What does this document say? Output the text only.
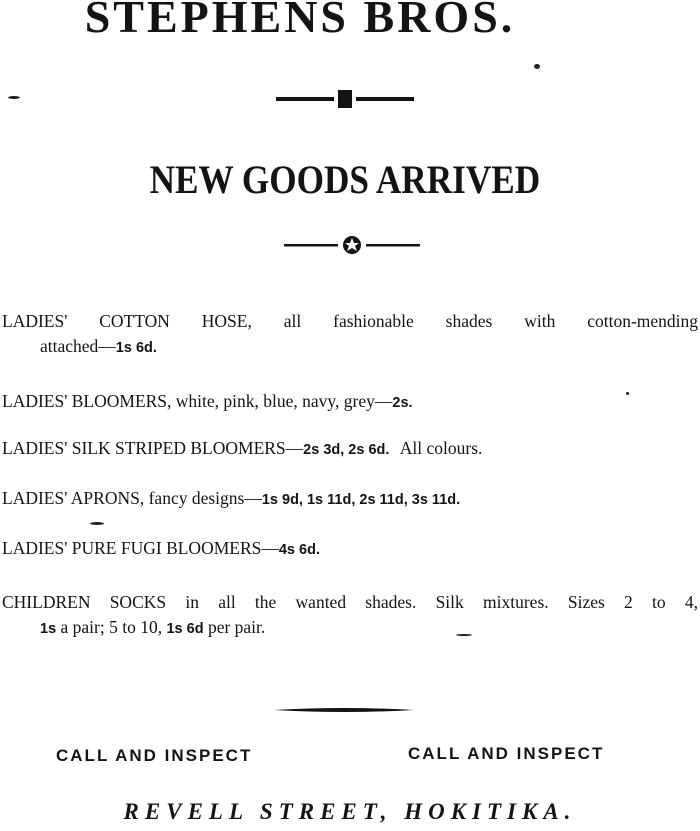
STEPHENS BROS.
NEW GOODS ARRIVED
LADIES' COTTON HOSE, all fashionable shades with cotton-mending
attached—1s 6d.
LADIES' BLOOMERS, white, pink, blue, navy, grey—2s.
LADIES' SILK STRIPED BLOOMERS—2s 3d, 2s 6d. All colours.
LADIES' APRONS, fancy designs—1s 9d, 1s 11d, 2s 11d, 3s 11d.
LADIES' PURE FUGI BLOOMERS—4s 6d.
CHILDREN SOCKS in all the wanted shades. Silk mixtures. Sizes 2 to 4,
1s a pair; 5 to 10, 1s 6d per pair.
CALL AND INSPECT	CALL AND INSPECT
REVELL STREET, HOKITIKA.
